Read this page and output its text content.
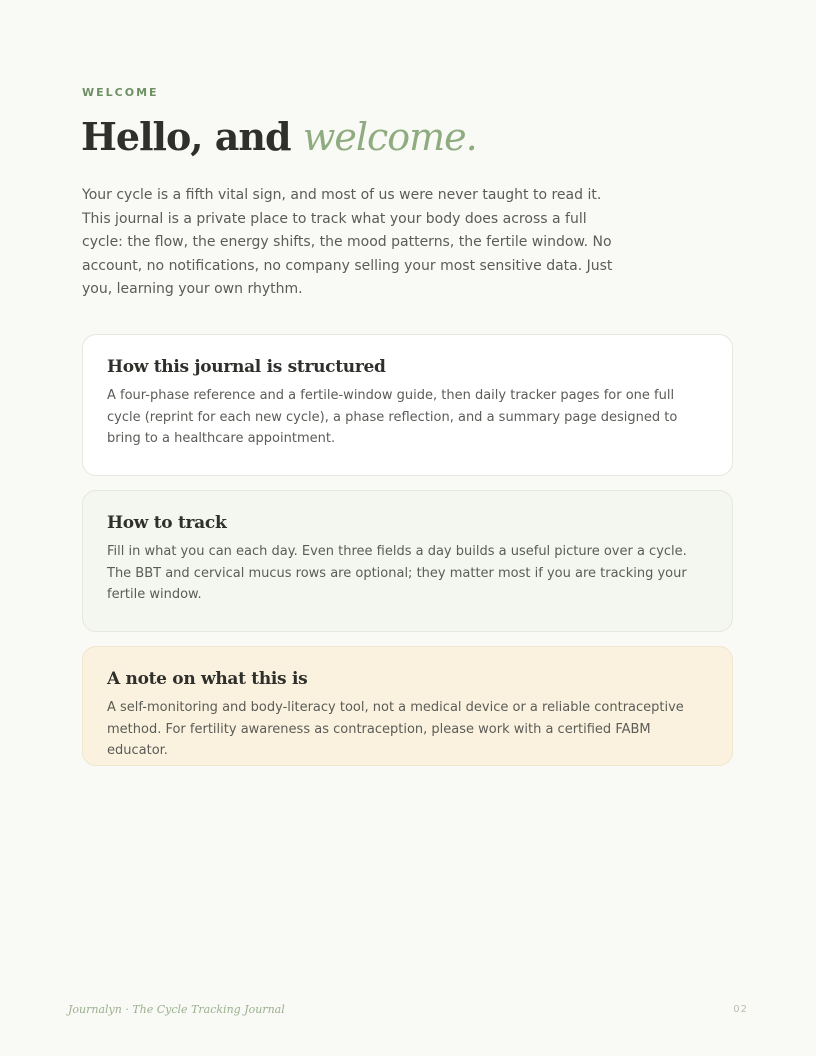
WELCOME
Hello, and welcome.

Your cycle is a fifth vital sign, and most of us were never taught to read it. This journal is a private place to track what your body does across a full cycle: the flow, the energy shifts, the mood patterns, the fertile window. No account, no notifications, no company selling your most sensitive data. Just you, learning your own rhythm.

How this journal is structured

A four-phase reference and a fertile-window guide, then daily tracker pages for one full cycle (reprint for each new cycle), a phase reflection, and a summary page designed to bring to a healthcare appointment.

How to track

Fill in what you can each day. Even three fields a day builds a useful picture over a cycle. The BBT and cervical mucus rows are optional; they matter most if you are tracking your fertile window.

A note on what this is

A self-monitoring and body-literacy tool, not a medical device or a reliable contraceptive method. For fertility awareness as contraception, please work with a certified FABM educator.

Journalyn · The Cycle Tracking Journal	02
